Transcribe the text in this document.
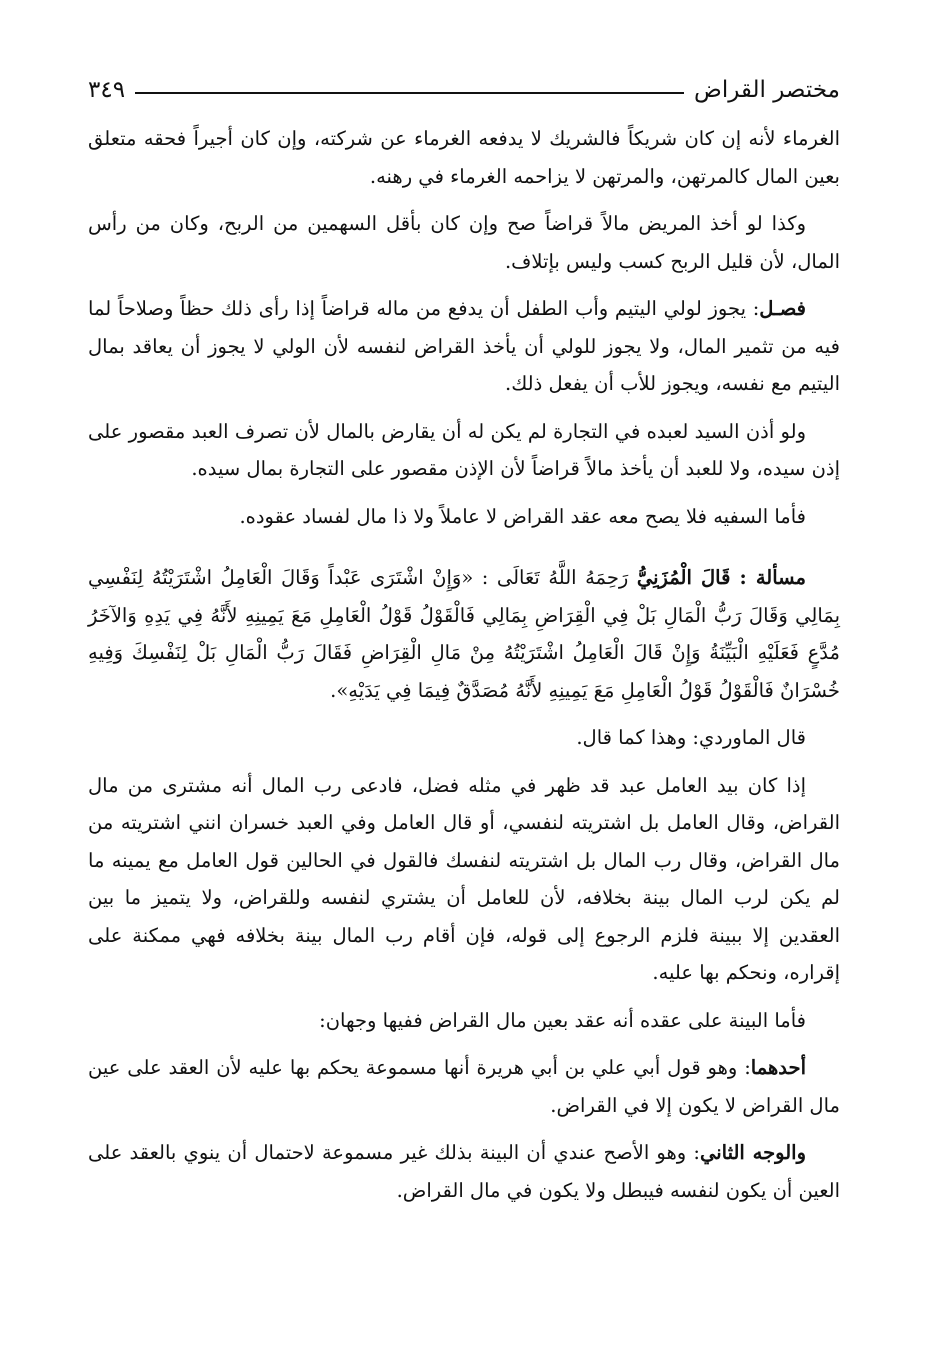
مختصر القراض
٣٤٩

الغرماء لأنه إن كان شريكاً فالشريك لا يدفعه الغرماء عن شركته، وإن كان أجيراً فحقه متعلق بعين المال كالمرتهن، والمرتهن لا يزاحمه الغرماء في رهنه.

وكذا لو أخذ المريض مالاً قراضاً صح وإن كان بأقل السهمين من الربح، وكان من رأس المال، لأن قليل الربح كسب وليس بإتلاف.

فصـل: يجوز لولي اليتيم وأب الطفل أن يدفع من ماله قراضاً إذا رأى ذلك حظاً وصلاحاً لما فيه من تثمير المال، ولا يجوز للولي أن يأخذ القراض لنفسه لأن الولي لا يجوز أن يعاقد بمال اليتيم مع نفسه، ويجوز للأب أن يفعل ذلك.

ولو أذن السيد لعبده في التجارة لم يكن له أن يقارض بالمال لأن تصرف العبد مقصور على إذن سيده، ولا للعبد أن يأخذ مالاً قراضاً لأن الإذن مقصور على التجارة بمال سيده.

فأما السفيه فلا يصح معه عقد القراض لا عاملاً ولا ذا مال لفساد عقوده.

مسألة : قَالَ الْمُزَنِيُّ رَحِمَهُ اللَّهُ تَعَالَى : «وَإِنْ اشْتَرَى عَبْداً وَقَالَ الْعَامِلُ اشْتَرَيْتُهُ لِنَفْسِي بِمَالِي وَقَالَ رَبُّ الْمَالِ بَلْ فِي الْقِرَاضِ بِمَالِي فَالْقَوْلُ قَوْلُ الْعَامِلِ مَعَ يَمِينِهِ لأَنَّهُ فِي يَدِهِ وَالآخَرُ مُدَّعٍ فَعَلَيْهِ الْبَيِّنَةُ وَإِنْ قَالَ الْعَامِلُ اشْتَرَيْتُهُ مِنْ مَالِ الْقِرَاضِ فَقَالَ رَبُّ الْمَالِ بَلْ لِنَفْسِكَ وَفِيهِ خُسْرَانٌ فَالْقَوْلُ قَوْلُ الْعَامِلِ مَعَ يَمِينِهِ لأَنَّهُ مُصَدَّقٌ فِيمَا فِي يَدَيْهِ».

قال الماوردي: وهذا كما قال.

إذا كان بيد العامل عبد قد ظهر في مثله فضل، فادعى رب المال أنه مشترى من مال القراض، وقال العامل بل اشتريته لنفسي، أو قال العامل وفي العبد خسران انني اشتريته من مال القراض، وقال رب المال بل اشتريته لنفسك فالقول في الحالين قول العامل مع يمينه ما لم يكن لرب المال بينة بخلافه، لأن للعامل أن يشتري لنفسه وللقراض، ولا يتميز ما بين العقدين إلا ببينة فلزم الرجوع إلى قوله، فإن أقام رب المال بينة بخلافه فهي ممكنة على إقراره، ونحكم بها عليه.

فأما البينة على عقده أنه عقد بعين مال القراض ففيها وجهان:

أحدهما: وهو قول أبي علي بن أبي هريرة أنها مسموعة يحكم بها عليه لأن العقد على عين مال القراض لا يكون إلا في القراض.

والوجه الثاني: وهو الأصح عندي أن البينة بذلك غير مسموعة لاحتمال أن ينوي بالعقد على العين أن يكون لنفسه فيبطل ولا يكون في مال القراض.
